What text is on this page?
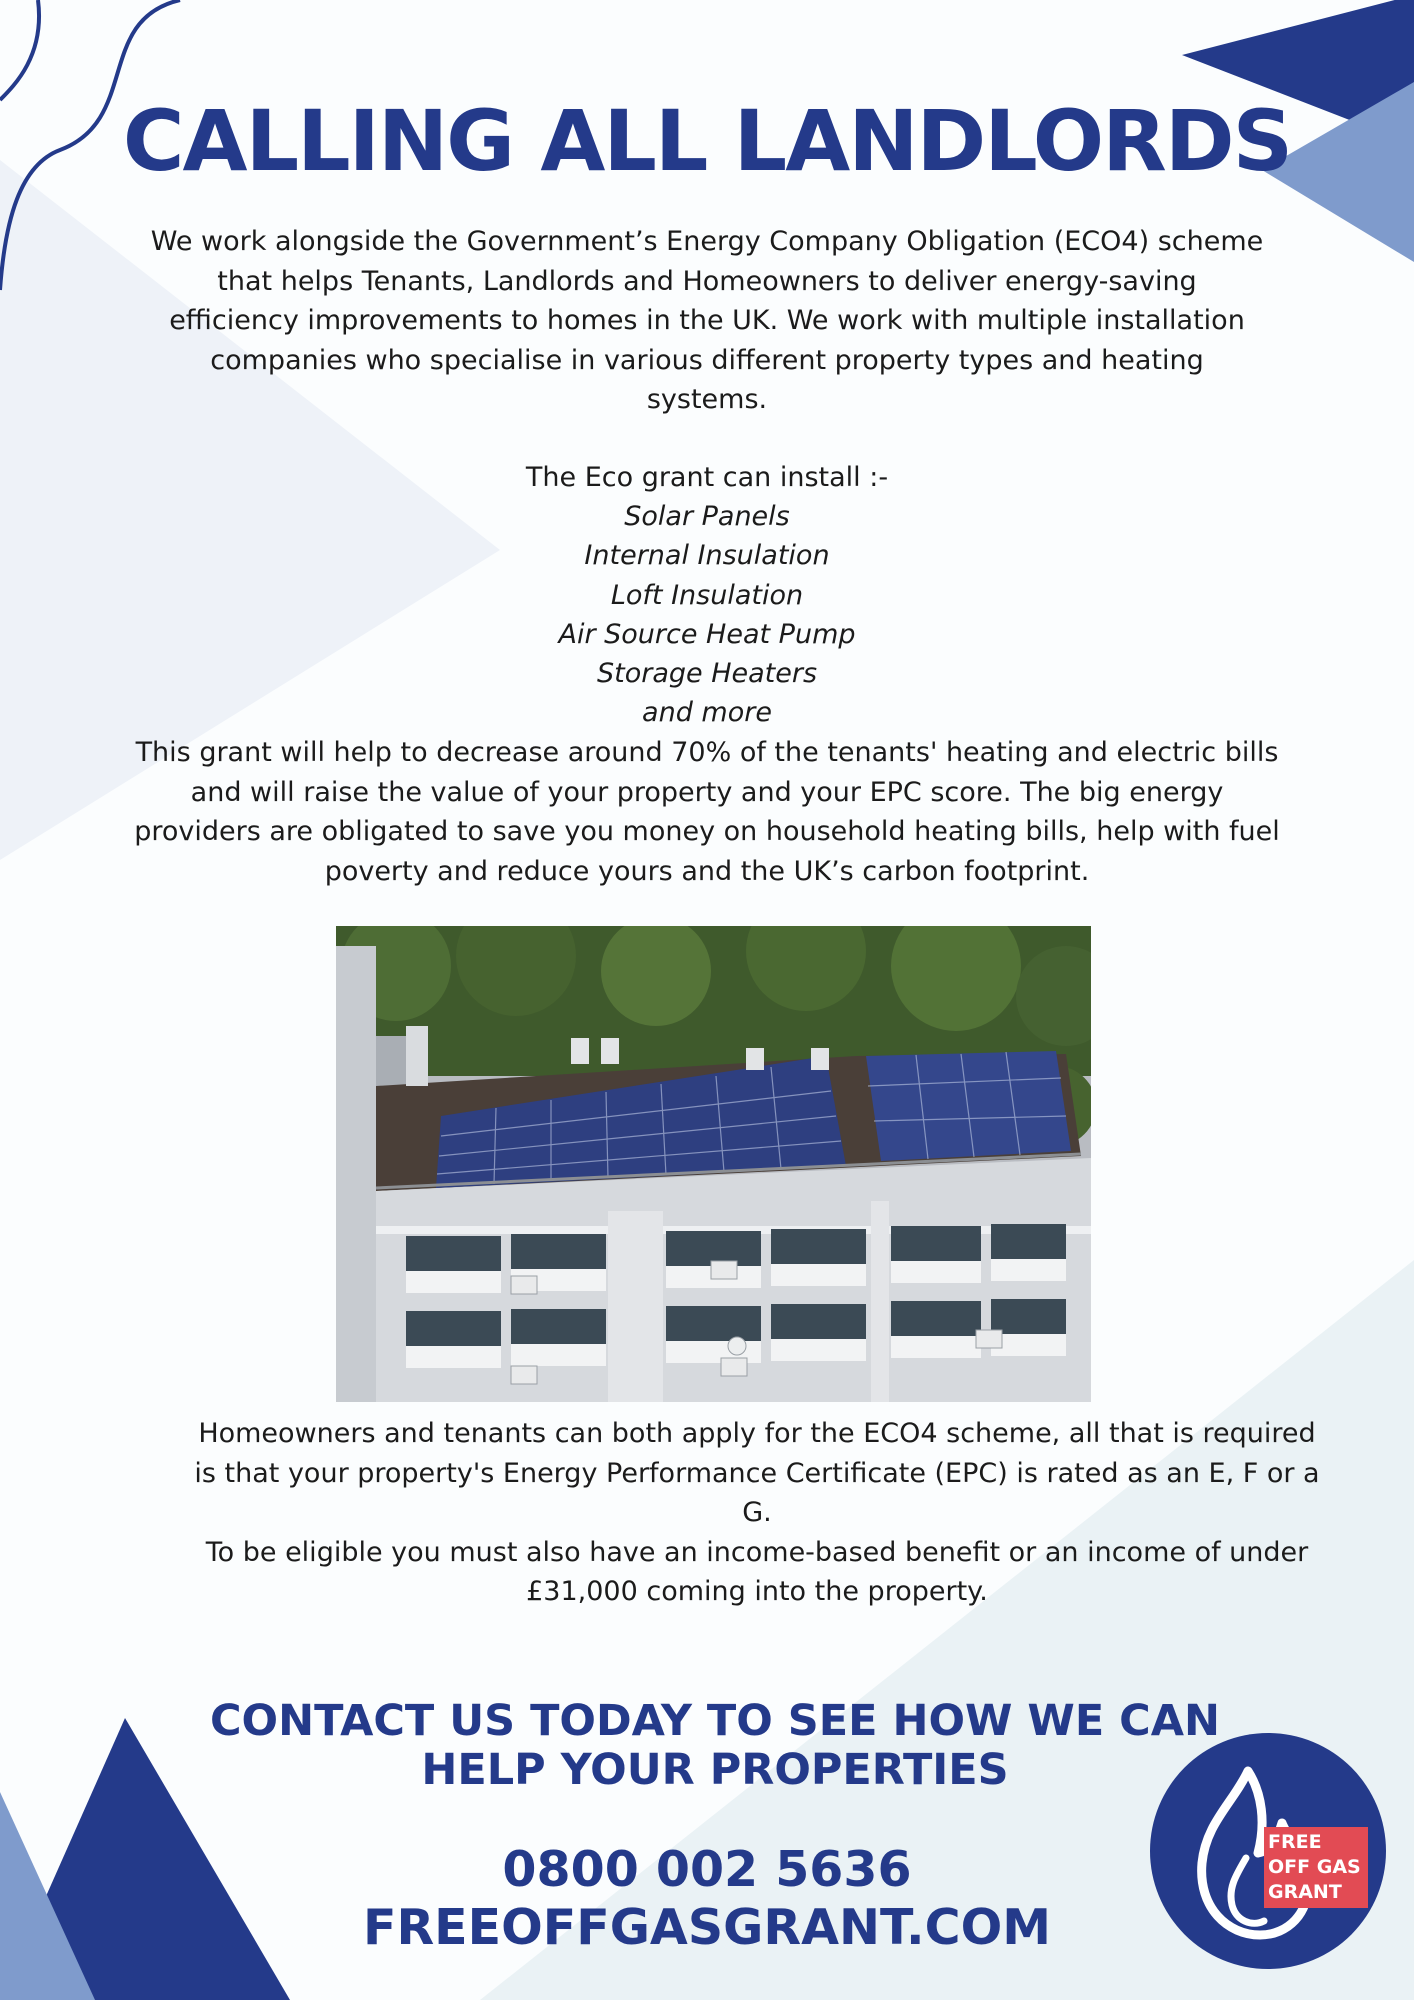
CALLING ALL LANDLORDS

We work alongside the Government’s Energy Company Obligation (ECO4) scheme that helps Tenants, Landlords and Homeowners to deliver energy-saving efficiency improvements to homes in the UK. We work with multiple installation companies who specialise in various different property types and heating systems.

The Eco grant can install :-
Solar Panels
Internal Insulation
Loft Insulation
Air Source Heat Pump
Storage Heaters
and more

This grant will help to decrease around 70% of the tenants' heating and electric bills and will raise the value of your property and your EPC score. The big energy providers are obligated to save you money on household heating bills, help with fuel poverty and reduce yours and the UK’s carbon footprint.

Homeowners and tenants can both apply for the ECO4 scheme, all that is required is that your property's Energy Performance Certificate (EPC) is rated as an E, F or a G.

To be eligible you must also have an income-based benefit or an income of under £31,000 coming into the property.

CONTACT US TODAY TO SEE HOW WE CAN HELP YOUR PROPERTIES

0800 002 5636

FREEOFFGASGRANT.COM

FREE
OFF GAS
GRANT
